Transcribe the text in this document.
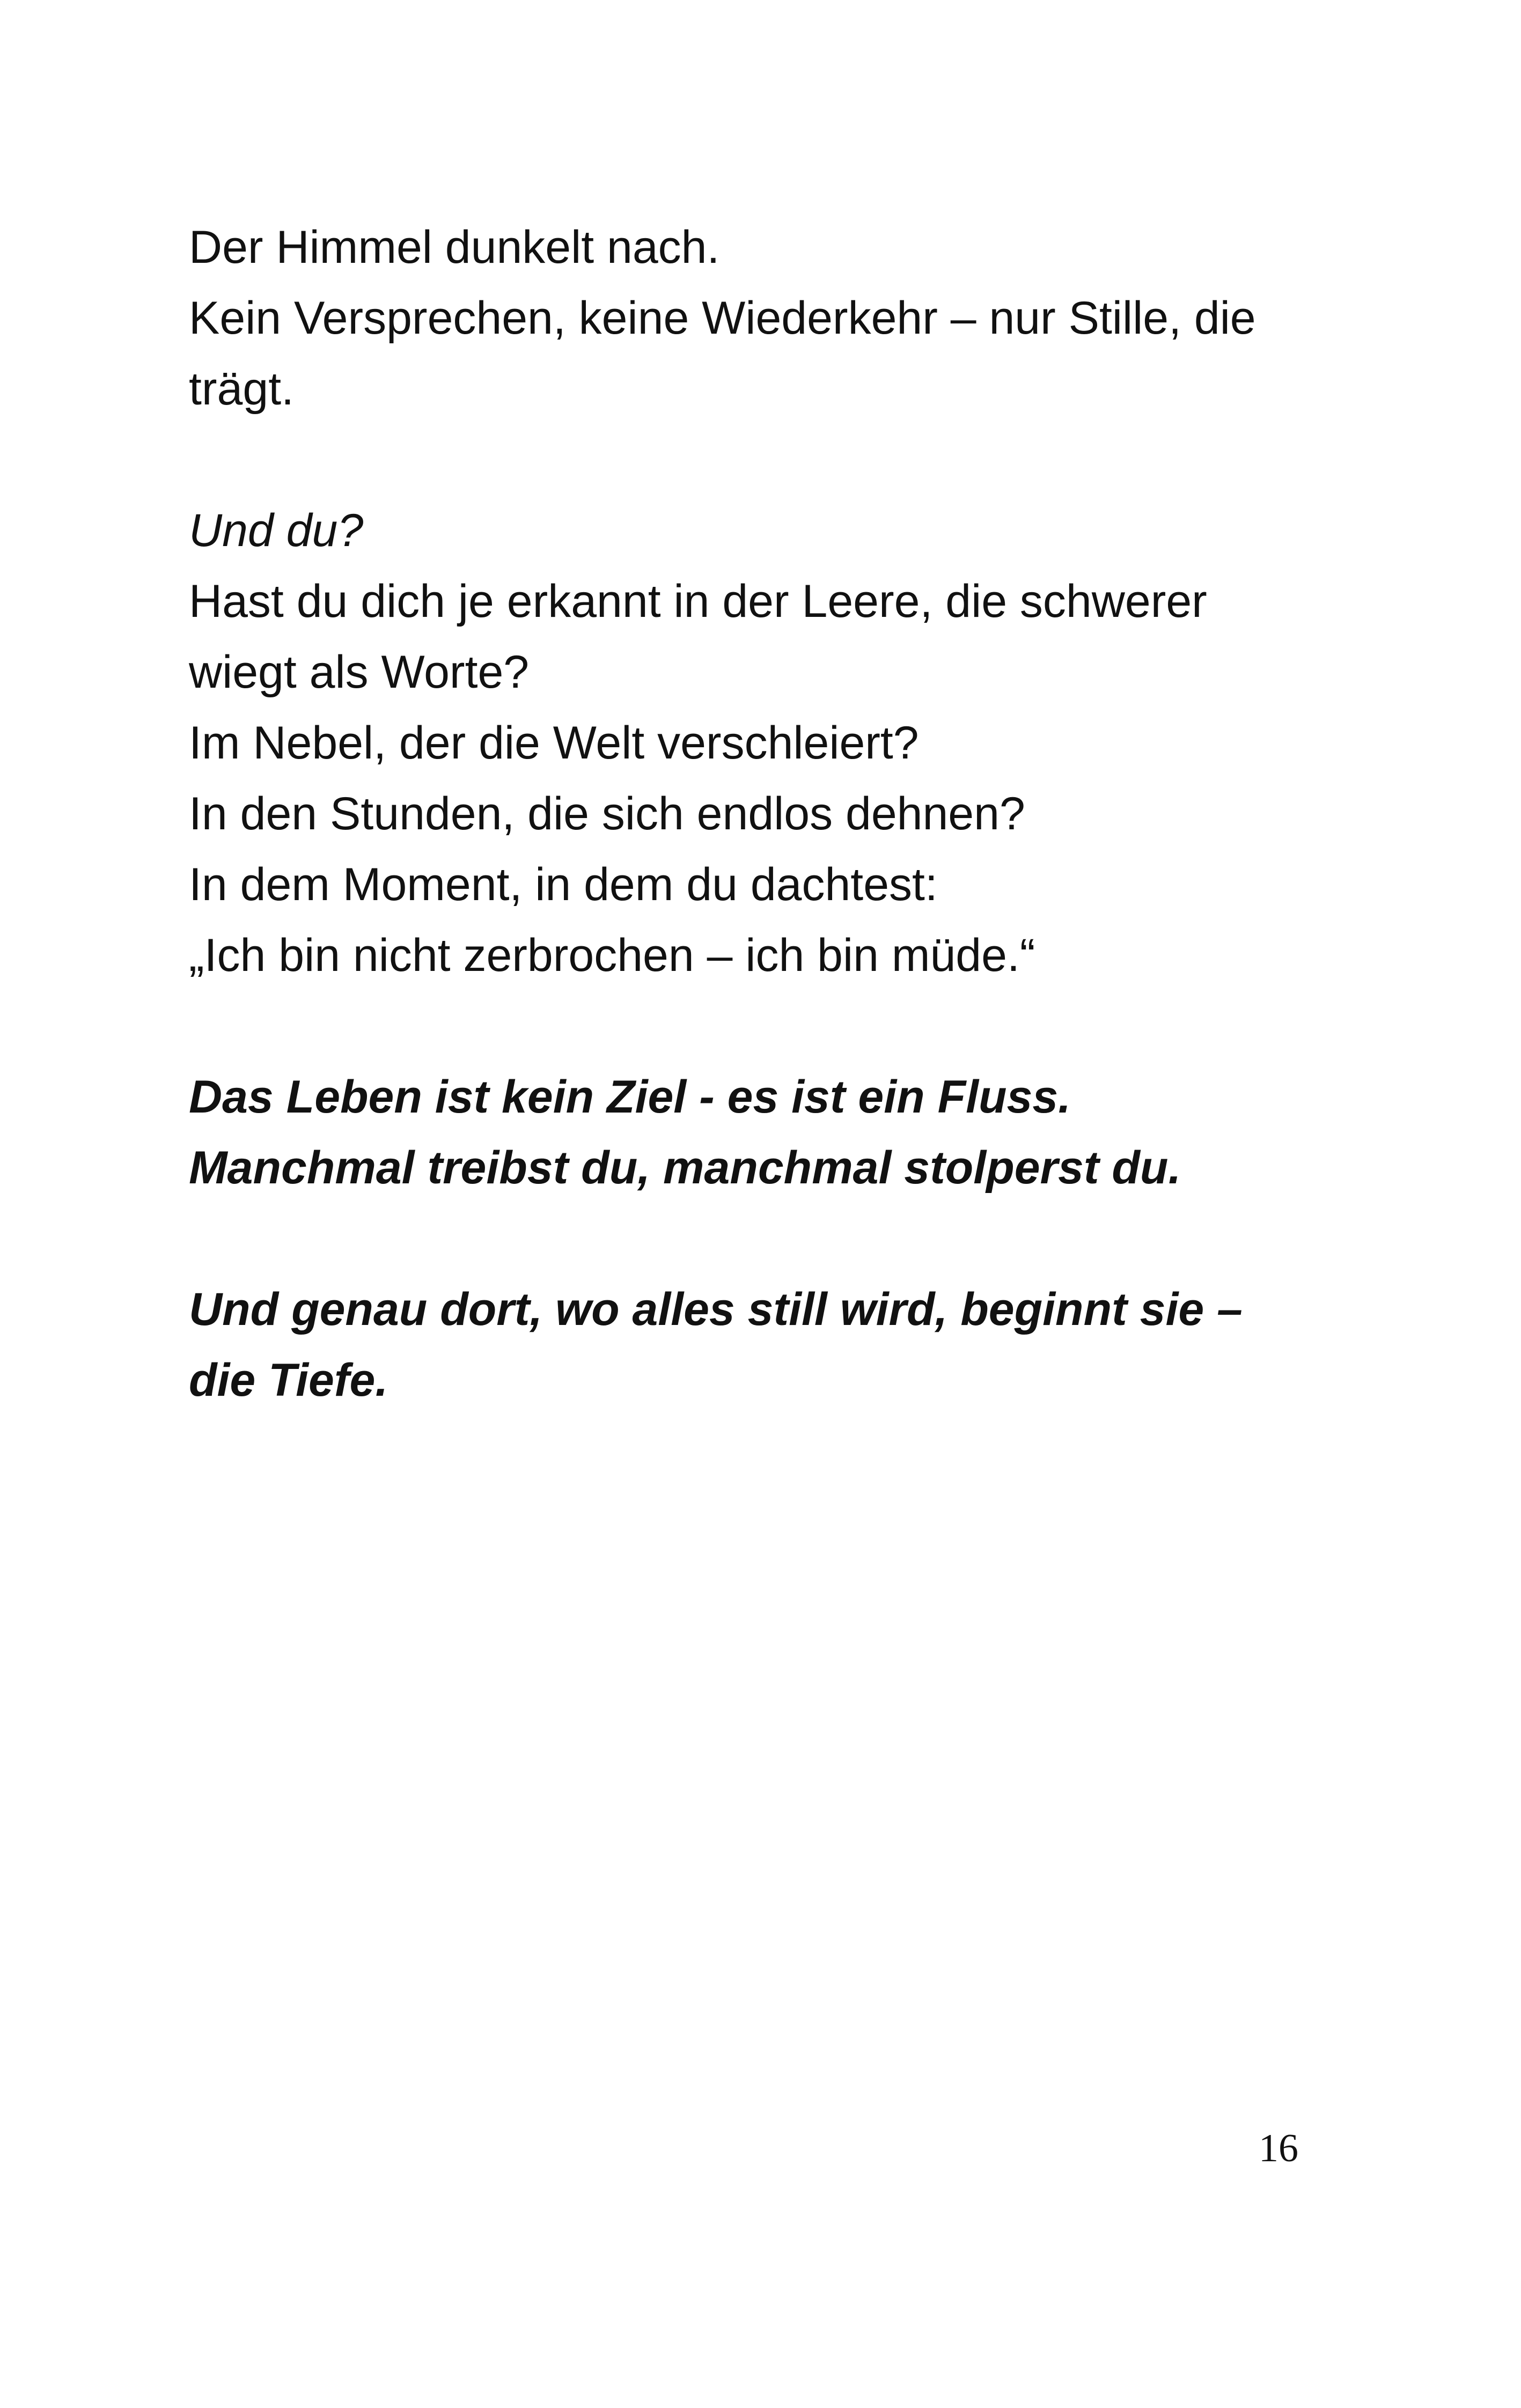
Der Himmel dunkelt nach.
Kein Versprechen, keine Wiederkehr – nur Stille, die
trägt.
Und du?
Hast du dich je erkannt in der Leere, die schwerer
wiegt als Worte?
Im Nebel, der die Welt verschleiert?
In den Stunden, die sich endlos dehnen?
In dem Moment, in dem du dachtest:
„Ich bin nicht zerbrochen – ich bin müde.“
Das Leben ist kein Ziel - es ist ein Fluss.
Manchmal treibst du, manchmal stolperst du.
Und genau dort, wo alles still wird, beginnt sie –
die Tiefe.
16
